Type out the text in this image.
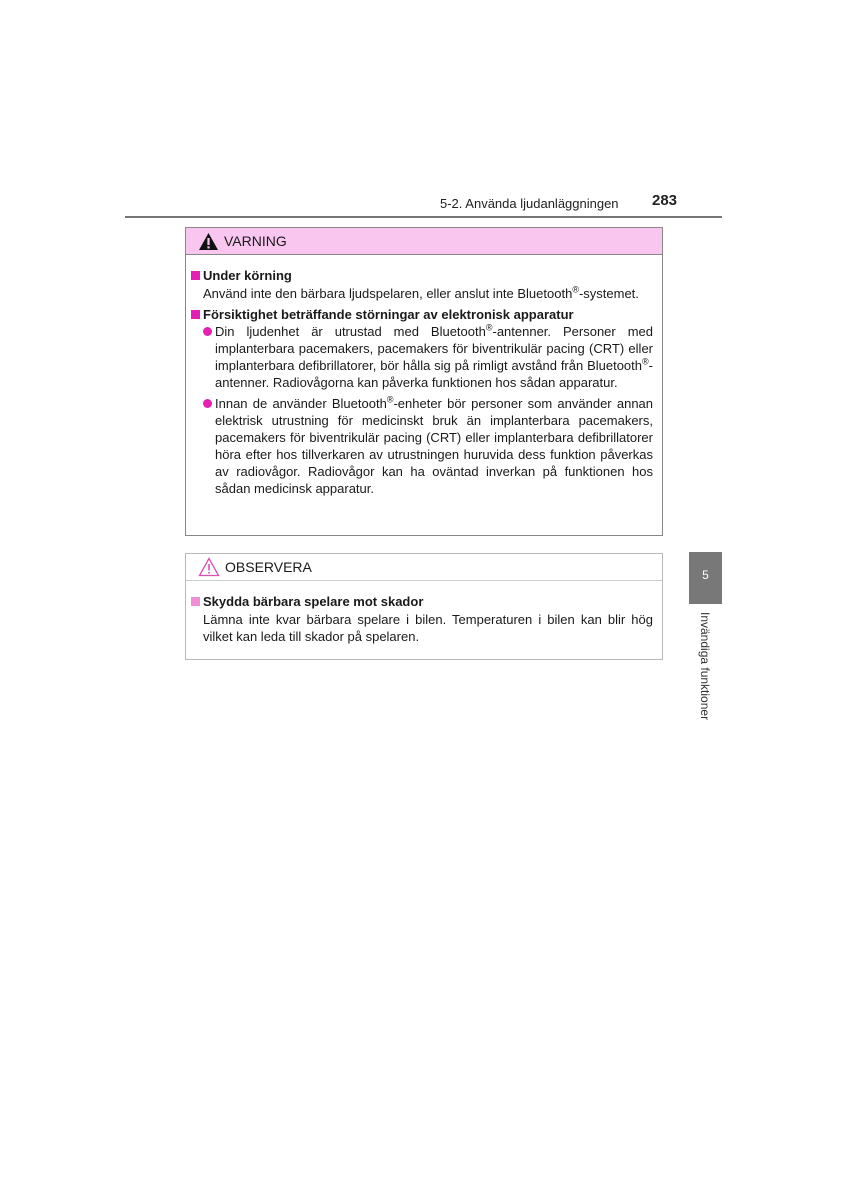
5-2. Använda ljudanläggningen 283
VARNING
Under körning
Använd inte den bärbara ljudspelaren, eller anslut inte Bluetooth®-systemet.
Försiktighet beträffande störningar av elektronisk apparatur
Din ljudenhet är utrustad med Bluetooth®-antenner. Personer med implanterbara pacemakers, pacemakers för biventrikulär pacing (CRT) eller implanterbara defibrillatorer, bör hålla sig på rimligt avstånd från Bluetooth®-antenner. Radiovågorna kan påverka funktionen hos sådan apparatur.
Innan de använder Bluetooth®-enheter bör personer som använder annan elektrisk utrustning för medicinskt bruk än implanterbara pacemakers, pacemakers för biventrikulär pacing (CRT) eller implanterbara defibrillatorer höra efter hos tillverkaren av utrustningen huruvida dess funktion påverkas av radiovågor. Radiovågor kan ha oväntad inverkan på funktionen hos sådan medicinsk apparatur.
OBSERVERA
Skydda bärbara spelare mot skador
Lämna inte kvar bärbara spelare i bilen. Temperaturen i bilen kan blir hög vilket kan leda till skador på spelaren.
5
Invändiga funktioner
